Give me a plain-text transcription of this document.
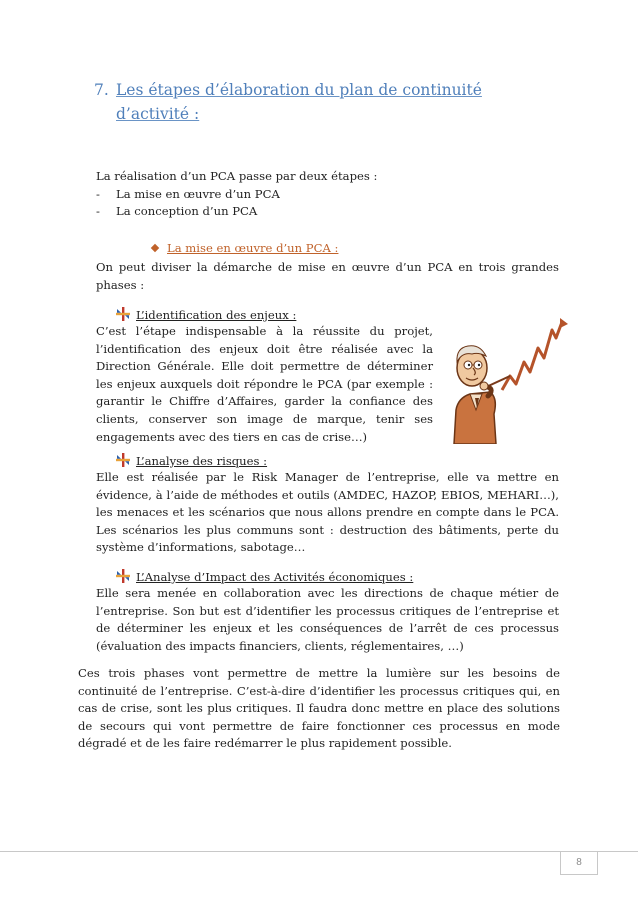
7. Les étapes d’élaboration du plan de continuité
d’activité :
La réalisation d’un PCA passe par deux étapes :
- La mise en œuvre d’un PCA
- La conception d’un PCA
La mise en œuvre d’un PCA :
On peut diviser la démarche de mise en œuvre d’un PCA en trois grandes phases :
L’identification des enjeux :
C’est l’étape indispensable à la réussite du projet, l’identification des enjeux doit être réalisée avec la Direction Générale. Elle doit permettre de déterminer les enjeux auxquels doit répondre le PCA (par exemple : garantir le Chiffre d’Affaires, garder la confiance des clients, conserver son image de marque, tenir ses engagements avec des tiers en cas de crise…)
L’analyse des risques :
Elle est réalisée par le Risk Manager de l’entreprise, elle va mettre en évidence, à l’aide de méthodes et outils (AMDEC, HAZOP, EBIOS, MEHARI…), les menaces et les scénarios que nous allons prendre en compte dans le PCA. Les scénarios les plus communs sont : destruction des bâtiments, perte du système d’informations, sabotage…
L’Analyse d’Impact des Activités économiques :
Elle sera menée en collaboration avec les directions de chaque métier de l’entreprise. Son but est d’identifier les processus critiques de l’entreprise et de déterminer les enjeux et les conséquences de l’arrêt de ces processus (évaluation des impacts financiers, clients, réglementaires, …)
Ces trois phases vont permettre de mettre la lumière sur les besoins de continuité de l’entreprise. C’est-à-dire d’identifier les processus critiques qui, en cas de crise, sont les plus critiques. Il faudra donc mettre en place des solutions de secours qui vont permettre de faire fonctionner ces processus en mode dégradé et de les faire redémarrer le plus rapidement possible.
8
